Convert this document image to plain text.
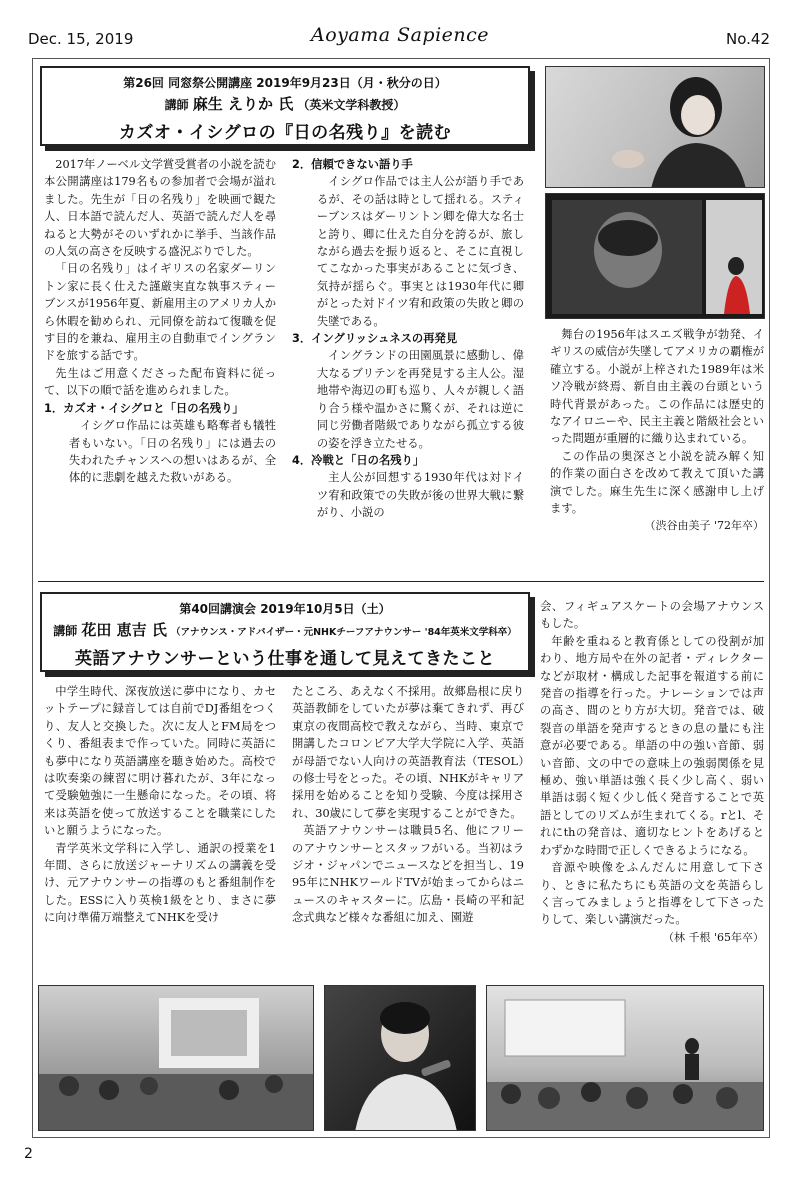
Dec. 15, 2019	Aoyama Sapience	No.42
第26回 同窓祭公開講座 2019年9月23日（月・秋分の日）
講師 麻生 えりか 氏 （英米文学科教授）
カズオ・イシグロの『日の名残り』を読む

2017年ノーベル文学賞受賞者の小説を読む本公開講座は179名もの参加者で会場が溢れました。先生が「日の名残り」を映画で観た人、日本語で読んだ人、英語で読んだ人を尋ねると大勢がそのいずれかに挙手、当該作品の人気の高さを反映する盛況ぶりでした。

「日の名残り」はイギリスの名家ダーリントン家に長く仕えた謹厳実直な執事スティーブンスが1956年夏、新雇用主のアメリカ人から休暇を勧められ、元同僚を訪ねて復職を促す目的を兼ね、雇用主の自動車でイングランドを旅する話です。

先生はご用意くださった配布資料に従って、以下の順で話を進められました。

1．カズオ・イシグロと「日の名残り」

イシグロ作品には英雄も略奪者も犠牲者もいない。「日の名残り」には過去の失われたチャンスへの想いはあるが、全体的に悲劇を越えた救いがある。

2．信頼できない語り手

イシグロ作品では主人公が語り手であるが、その話は時として揺れる。スティーブンスはダーリントン卿を偉大な名士と誇り、卿に仕えた自分を誇るが、旅しながら過去を振り返ると、そこに直視してこなかった事実があることに気づき、気持が揺らぐ。事実とは1930年代に卿がとった対ドイツ宥和政策の失敗と卿の失墜である。

3．イングリッシュネスの再発見

イングランドの田園風景に感動し、偉大なるブリテンを再発見する主人公。湿地帯や海辺の町も巡り、人々が親しく語り合う様や温かさに驚くが、それは逆に同じ労働者階級でありながら孤立する彼の姿を浮き立たせる。

4．冷戦と「日の名残り」

主人公が回想する1930年代は対ドイツ宥和政策での失敗が後の世界大戦に繋がり、小説の

舞台の1956年はスエズ戦争が勃発、イギリスの威信が失墜してアメリカの覇権が確立する。小説が上梓された1989年は米ソ冷戦が終焉、新自由主義の台頭という時代背景があった。この作品には歴史的なアイロニーや、民主主義と階級社会といった問題が重層的に織り込まれている。

この作品の奥深さと小説を読み解く知的作業の面白さを改めて教えて頂いた講演でした。麻生先生に深く感謝申し上げます。

（渋谷由美子 '72年卒）

第40回講演会 2019年10月5日（土）
講師 花田 恵吉 氏 （アナウンス・アドバイザー・元NHKチーフアナウンサー '84年英米文学科卒）
英語アナウンサーという仕事を通して見えてきたこと

中学生時代、深夜放送に夢中になり、カセットテープに録音しては自前でDJ番組をつくり、友人と交換した。次に友人とFM局をつくり、番組表まで作っていた。同時に英語にも夢中になり英語講座を聴き始めた。高校では吹奏楽の練習に明け暮れたが、3年になって受験勉強に一生懸命になった。その頃、将来は英語を使って放送することを職業にしたいと願うようになった。

青学英米文学科に入学し、通訳の授業を1年間、さらに放送ジャーナリズムの講義を受け、元アナウンサーの指導のもと番組制作をした。ESSに入り英検1級をとり、まさに夢に向け準備万端整えてNHKを受け

たところ、あえなく不採用。故郷島根に戻り英語教師をしていたが夢は棄てきれず、再び東京の夜間高校で教えながら、当時、東京で開講したコロンビア大学大学院に入学、英語が母語でない人向けの英語教育法（TESOL）の修士号をとった。その頃、NHKがキャリア採用を始めることを知り受験、今度は採用され、30歳にして夢を実現することができた。

英語アナウンサーは職員5名、他にフリーのアナウンサーとスタッフがいる。当初はラジオ・ジャパンでニュースなどを担当し、1995年にNHKワールドTVが始まってからはニュースのキャスターに。広島・長崎の平和記念式典など様々な番組に加え、園遊

会、フィギュアスケートの会場アナウンスもした。

年齢を重ねると教育係としての役割が加わり、地方局や在外の記者・ディレクターなどが取材・構成した記事を報道する前に発音の指導を行った。ナレーションでは声の高さ、間のとり方が大切。発音では、破裂音の単語を発声するときの息の量にも注意が必要である。単語の中の強い音節、弱い音節、文の中での意味上の強弱関係を見極め、強い単語は強く長く少し高く、弱い単語は弱く短く少し低く発音することで英語としてのリズムが生まれてくる。rとl、それにthの発音は、適切なヒントをあげるとわずかな時間で正しくできるようになる。

音源や映像をふんだんに用意して下さり、ときに私たちにも英語の文を英語らしく言ってみましょうと指導をして下さったりして、楽しい講演だった。

（林 千根 '65年卒）

2
